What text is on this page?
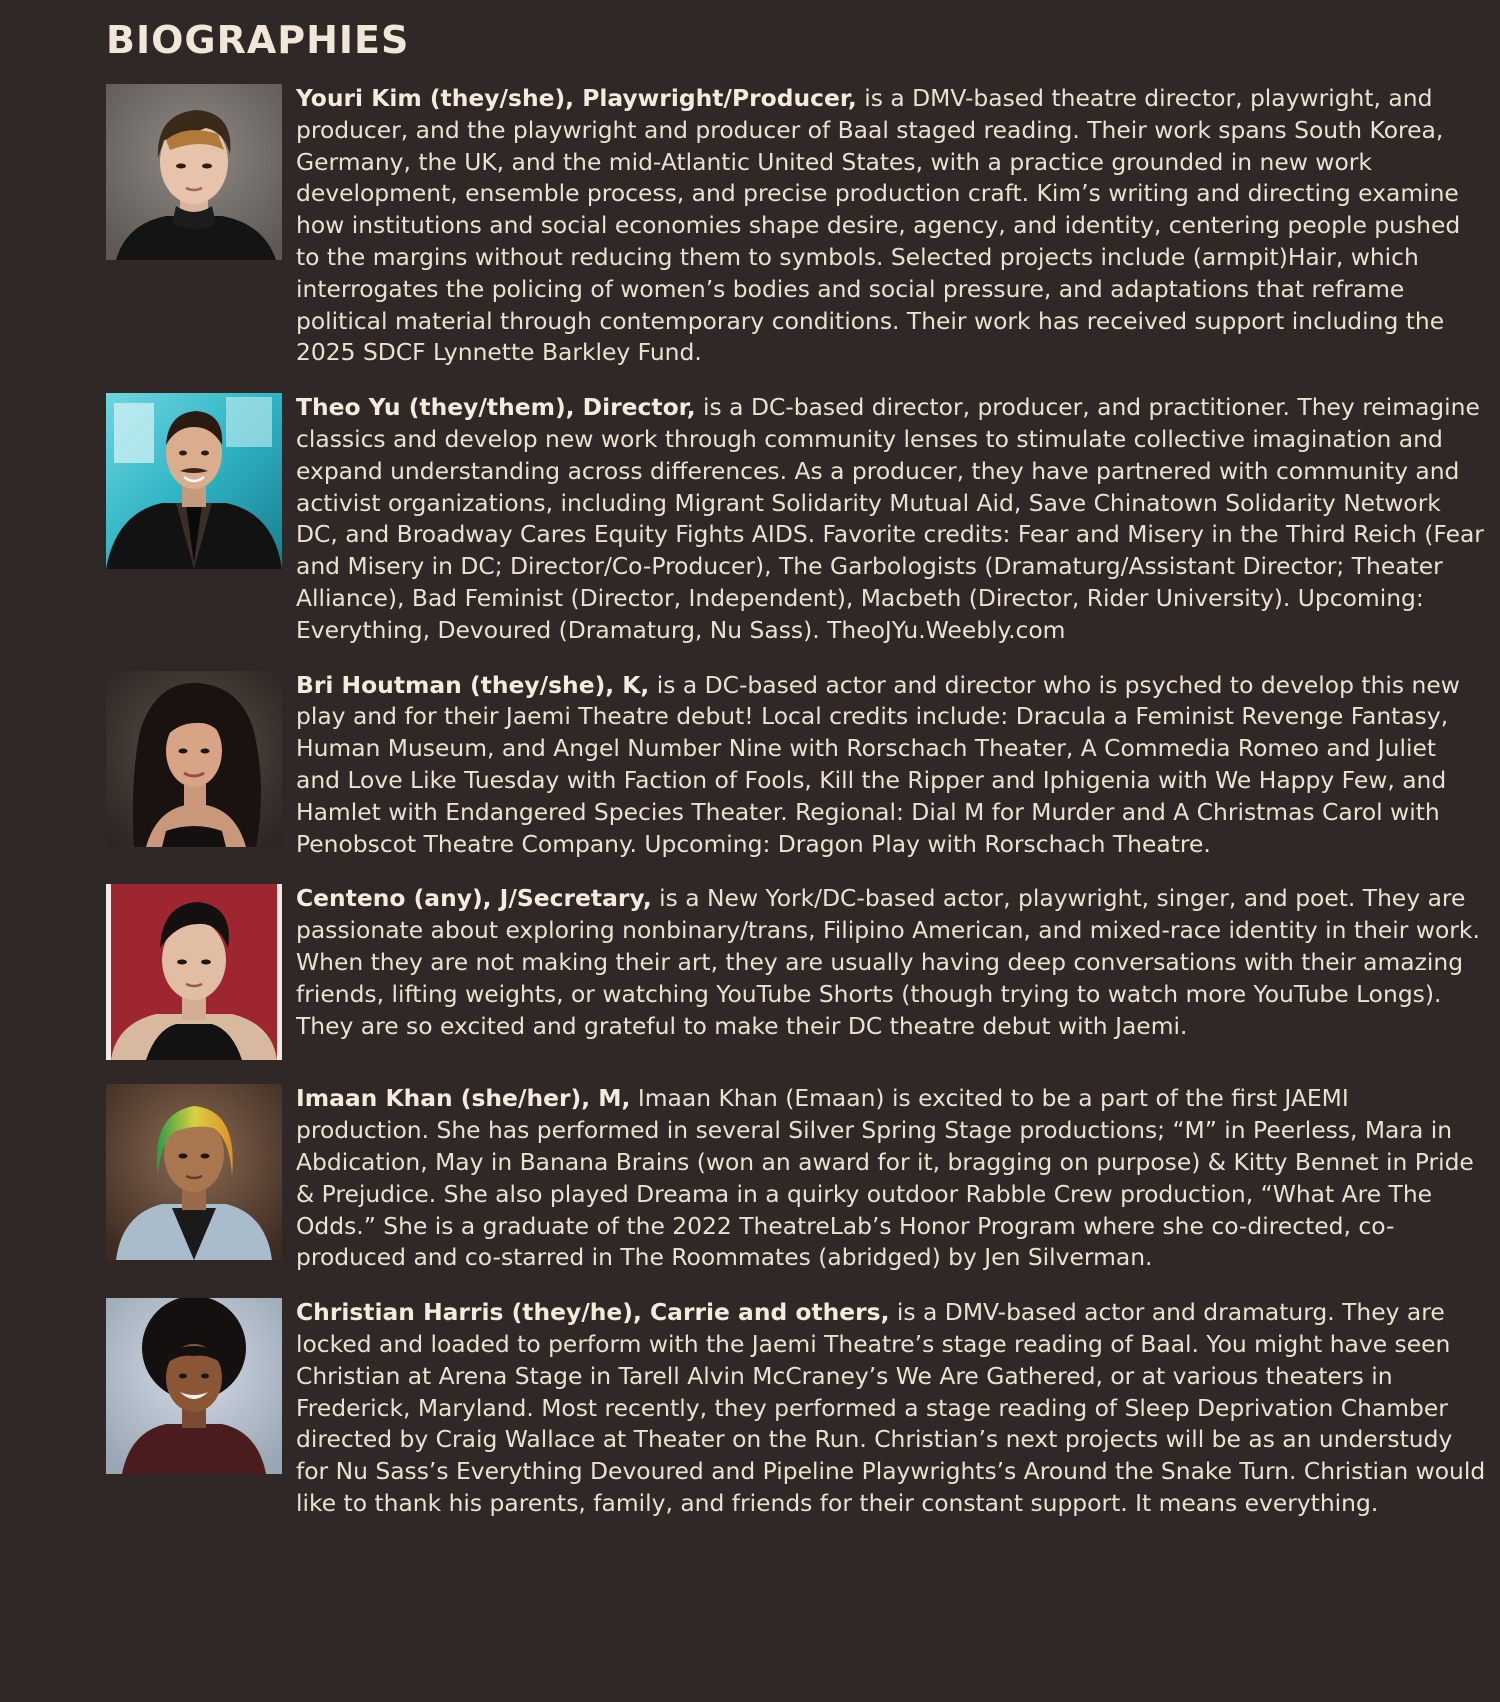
BIOGRAPHIES
Youri Kim (they/she), Playwright/Producer, is a DMV-based theatre director, playwright, and producer, and the playwright and producer of Baal staged reading. Their work spans South Korea, Germany, the UK, and the mid-Atlantic United States, with a practice grounded in new work development, ensemble process, and precise production craft. Kim’s writing and directing examine how institutions and social economies shape desire, agency, and identity, centering people pushed to the margins without reducing them to symbols. Selected projects include (armpit)Hair, which interrogates the policing of women’s bodies and social pressure, and adaptations that reframe political material through contemporary conditions. Their work has received support including the 2025 SDCF Lynnette Barkley Fund.
Theo Yu (they/them), Director, is a DC-based director, producer, and practitioner. They reimagine classics and develop new work through community lenses to stimulate collective imagination and expand understanding across differences. As a producer, they have partnered with community and activist organizations, including Migrant Solidarity Mutual Aid, Save Chinatown Solidarity Network DC, and Broadway Cares Equity Fights AIDS. Favorite credits: Fear and Misery in the Third Reich (Fear and Misery in DC; Director/Co-Producer), The Garbologists (Dramaturg/Assistant Director; Theater Alliance), Bad Feminist (Director, Independent), Macbeth (Director, Rider University). Upcoming: Everything, Devoured (Dramaturg, Nu Sass). TheoJYu.Weebly.com
Bri Houtman (they/she), K, is a DC-based actor and director who is psyched to develop this new play and for their Jaemi Theatre debut! Local credits include: Dracula a Feminist Revenge Fantasy, Human Museum, and Angel Number Nine with Rorschach Theater, A Commedia Romeo and Juliet and Love Like Tuesday with Faction of Fools, Kill the Ripper and Iphigenia with We Happy Few, and Hamlet with Endangered Species Theater. Regional: Dial M for Murder and A Christmas Carol with Penobscot Theatre Company. Upcoming: Dragon Play with Rorschach Theatre.
Centeno (any), J/Secretary, is a New York/DC-based actor, playwright, singer, and poet. They are passionate about exploring nonbinary/trans, Filipino American, and mixed-race identity in their work. When they are not making their art, they are usually having deep conversations with their amazing friends, lifting weights, or watching YouTube Shorts (though trying to watch more YouTube Longs). They are so excited and grateful to make their DC theatre debut with Jaemi.
Imaan Khan (she/her), M, Imaan Khan (Emaan) is excited to be a part of the first JAEMI production. She has performed in several Silver Spring Stage productions; “M” in Peerless, Mara in Abdication, May in Banana Brains (won an award for it, bragging on purpose) & Kitty Bennet in Pride & Prejudice. She also played Dreama in a quirky outdoor Rabble Crew production, “What Are The Odds.” She is a graduate of the 2022 TheatreLab’s Honor Program where she co-directed, co-produced and co-starred in The Roommates (abridged) by Jen Silverman.
Christian Harris (they/he), Carrie and others, is a DMV-based actor and dramaturg. They are locked and loaded to perform with the Jaemi Theatre’s stage reading of Baal. You might have seen Christian at Arena Stage in Tarell Alvin McCraney’s We Are Gathered, or at various theaters in Frederick, Maryland. Most recently, they performed a stage reading of Sleep Deprivation Chamber directed by Craig Wallace at Theater on the Run. Christian’s next projects will be as an understudy for Nu Sass’s Everything Devoured and Pipeline Playwrights’s Around the Snake Turn. Christian would like to thank his parents, family, and friends for their constant support. It means everything.
